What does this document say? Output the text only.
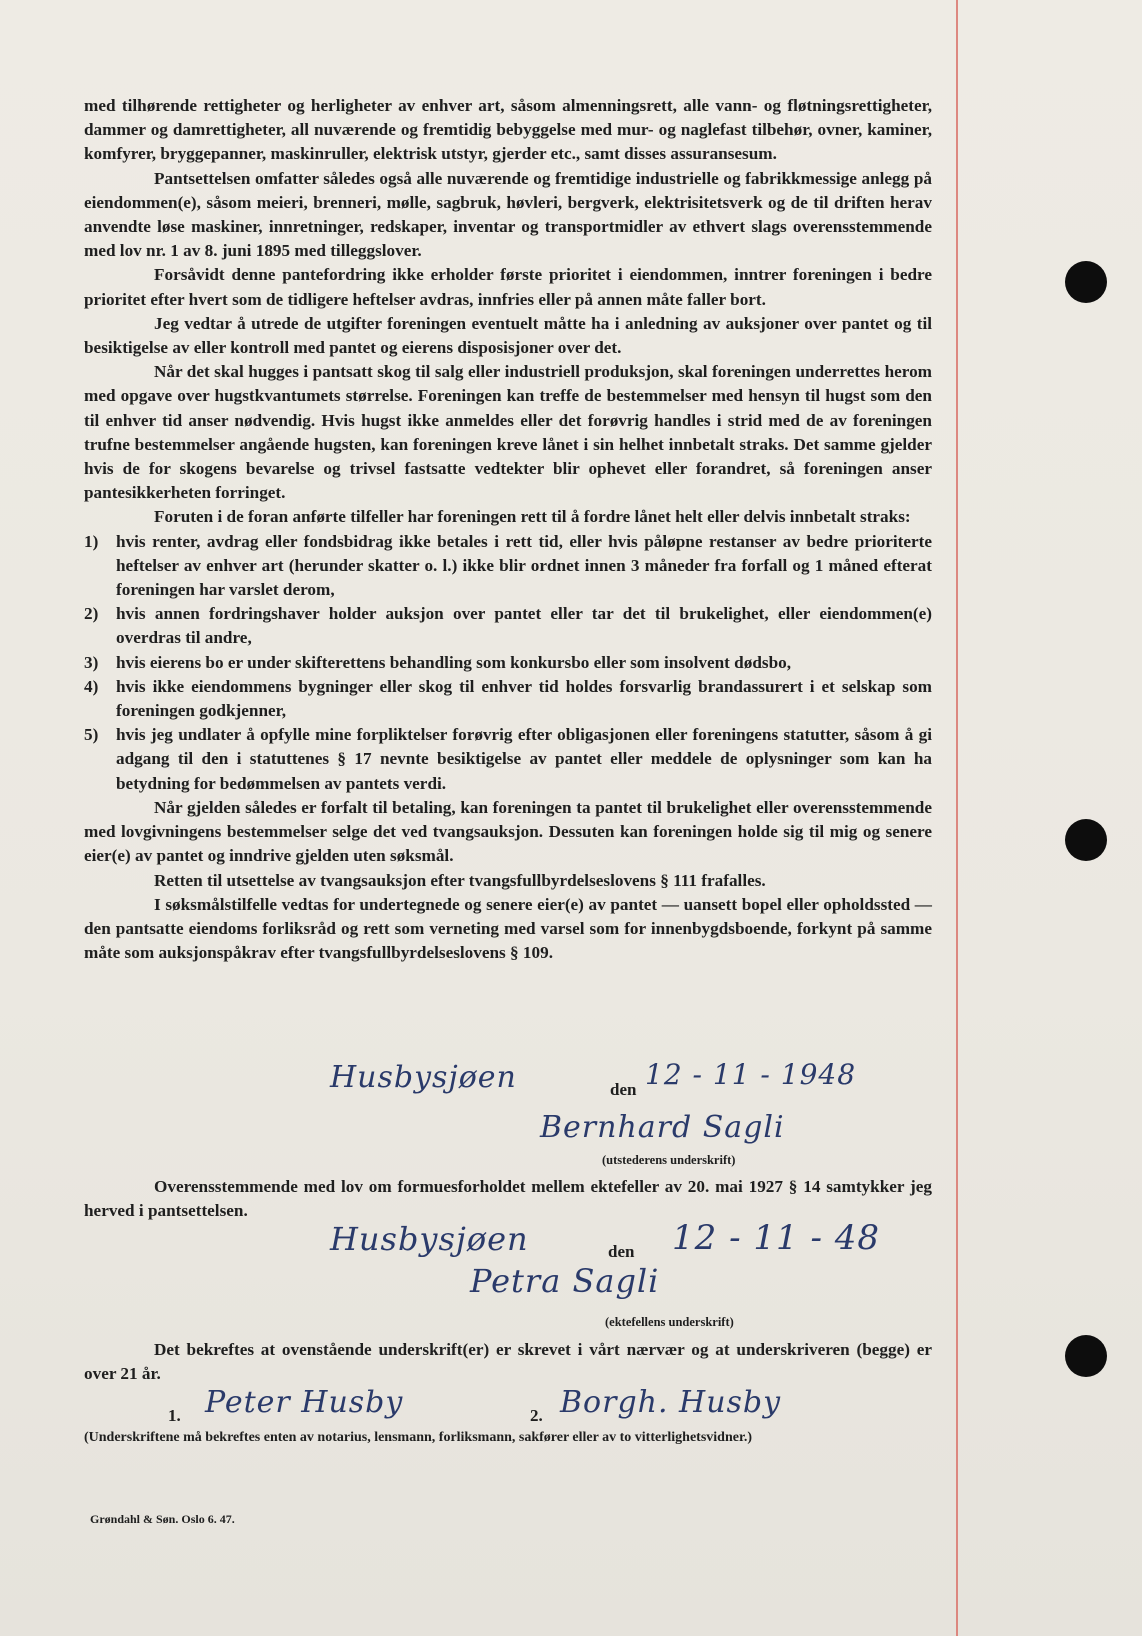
med tilhørende rettigheter og herligheter av enhver art, såsom almenningsrett, alle vann- og fløtningsrettigheter, dammer og damrettigheter, all nuværende og fremtidig bebyggelse med mur- og naglefast tilbehør, ovner, kaminer, komfyrer, bryggepanner, maskinruller, elektrisk utstyr, gjerder etc., samt disses assuransesum.

Pantsettelsen omfatter således også alle nuværende og fremtidige industrielle og fabrikkmessige anlegg på eiendommen(e), såsom meieri, brenneri, mølle, sagbruk, høvleri, bergverk, elektrisitetsverk og de til driften herav anvendte løse maskiner, innretninger, redskaper, inventar og transportmidler av ethvert slags overensstemmende med lov nr. 1 av 8. juni 1895 med tilleggslover.

Forsåvidt denne pantefordring ikke erholder første prioritet i eiendommen, inntrer foreningen i bedre prioritet efter hvert som de tidligere heftelser avdras, innfries eller på annen måte faller bort.

Jeg vedtar å utrede de utgifter foreningen eventuelt måtte ha i anledning av auksjoner over pantet og til besiktigelse av eller kontroll med pantet og eierens disposisjoner over det.

Når det skal hugges i pantsatt skog til salg eller industriell produksjon, skal foreningen underrettes herom med opgave over hugstkvantumets størrelse. Foreningen kan treffe de bestemmelser med hensyn til hugst som den til enhver tid anser nødvendig. Hvis hugst ikke anmeldes eller det forøvrig handles i strid med de av foreningen trufne bestemmelser angående hugsten, kan foreningen kreve lånet i sin helhet innbetalt straks. Det samme gjelder hvis de for skogens bevarelse og trivsel fastsatte vedtekter blir ophevet eller forandret, så foreningen anser pantesikkerheten forringet.

Foruten i de foran anførte tilfeller har foreningen rett til å fordre lånet helt eller delvis innbetalt straks:

1) hvis renter, avdrag eller fondsbidrag ikke betales i rett tid, eller hvis påløpne restanser av bedre prioriterte heftelser av enhver art (herunder skatter o. l.) ikke blir ordnet innen 3 måneder fra forfall og 1 måned efterat foreningen har varslet derom,
2) hvis annen fordringshaver holder auksjon over pantet eller tar det til brukelighet, eller eiendommen(e) overdras til andre,
3) hvis eierens bo er under skifterettens behandling som konkursbo eller som insolvent dødsbo,
4) hvis ikke eiendommens bygninger eller skog til enhver tid holdes forsvarlig brandassurert i et selskap som foreningen godkjenner,
5) hvis jeg undlater å opfylle mine forpliktelser forøvrig efter obligasjonen eller foreningens statutter, såsom å gi adgang til den i statuttenes § 17 nevnte besiktigelse av pantet eller meddele de oplysninger som kan ha betydning for bedømmelsen av pantets verdi.

Når gjelden således er forfalt til betaling, kan foreningen ta pantet til brukelighet eller overensstemmende med lovgivningens bestemmelser selge det ved tvangsauksjon. Dessuten kan foreningen holde sig til mig og senere eier(e) av pantet og inndrive gjelden uten søksmål.

Retten til utsettelse av tvangsauksjon efter tvangsfullbyrdelseslovens § 111 frafalles.

I søksmålstilfelle vedtas for undertegnede og senere eier(e) av pantet — uansett bopel eller opholdssted — den pantsatte eiendoms forliksråd og rett som verneting med varsel som for innenbygdsboende, forkynt på samme måte som auksjonspåkrav efter tvangsfullbyrdelseslovens § 109.

Husbysjøen	den 12 - 11 - 1948
Bernhard Sagli
(utstederens underskrift)

Overensstemmende med lov om formuesforholdet mellem ektefeller av 20. mai 1927 § 14 samtykker jeg herved i pantsettelsen.

Husbysjøen	den 12 - 11 - 48
Petra Sagli
(ektefellens underskrift)

Det bekreftes at ovenstående underskrift(er) er skrevet i vårt nærvær og at underskriveren (begge) er over 21 år.

1. Peter Husby	2. Borgh. Husby
(Underskriftene må bekreftes enten av notarius, lensmann, forliksmann, sakfører eller av to vitterlighetsvidner.)
Grøndahl & Søn. Oslo 6. 47.
